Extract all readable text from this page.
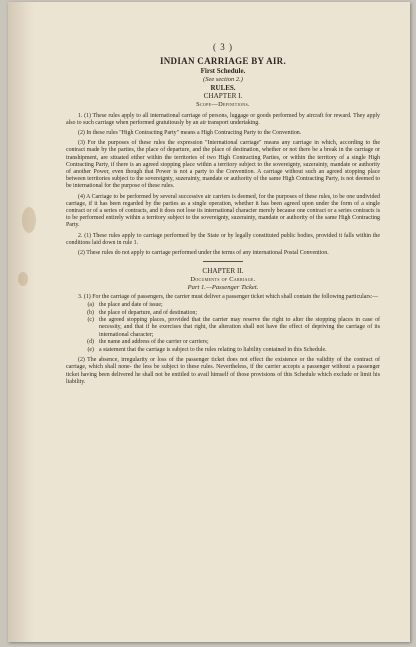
( 3 )
INDIAN CARRIAGE BY AIR.
First Schedule.
(See section 2.)
RULES.
CHAPTER I.
Scope—Definitions.

1. (1) These rules apply to all international carriage of persons, luggage or goods performed by aircraft for reward. They apply also to such carriage when performed gratuitously by an air transport undertaking.

(2) In these rules "High Contracting Party" means a High Contracting Party to the Convention.

(3) For the purposes of these rules the expression "International carriage" means any carriage in which, according to the contract made by the parties, the place of departure, and the place of destination, whether or not there be a break in the carriage or transhipment, are situated either within the territories of two High Contracting Parties, or within the territory of a single High Contracting Party, if there is an agreed stopping place within a territory subject to the sovereignty, suzerainty, mandate or authority of another Power, even though that Power is not a party to the Convention. A carriage without such an agreed stopping place between territories subject to the sovereignty, suzerainty, mandate or authority of the same High Contracting Party, is not deemed to be international for the purpose of these rules.

(4) A Carriage to be performed by several successive air carriers is deemed, for the purposes of these rules, to be one undivided carriage, if it has been regarded by the parties as a single operation, whether it has been agreed upon under the form of a single contract or of a series of contracts, and it does not lose its international character merely because one contract or a series contracts is to be performed entirely within a territory subject to the sovereignty, suzerainty, mandate or authority of the same High Contracting Party.

2. (1) These rules apply to carriage performed by the State or by legally constituted public bodies, provided it falls within the conditions laid down in rule 1.

(2) These rules do not apply to carriage performed under the terms of any international Postal Convention.

CHAPTER II.
Documents of Carriage.
Part 1.—Passenger Ticket.

3. (1) For the carriage of passengers, the carrier must deliver a passenger ticket which shall contain the following particulars:—

(a) the place and date of issue;
(b) the place of departure, and of destination;
(c) the agreed stopping places, provided that the carrier may reserve the right to alter the stopping places in case of necessity, and that if he exercises that right, the alteration shall not have the effect of depriving the carriage of its international character;
(d) the name and address of the carrier or carriers;
(e) a statement that the carriage is subject to the rules relating to liability contained in this Schedule.

(2) The absence, irregularity or loss of the passenger ticket does not effect the existence or the validity of the contract of carriage, which shall none- the less be subject to these rules. Nevertheless, if the carrier accepts a passenger without a passenger ticket having been delivered he shall not be entitled to avail himself of those provisions of this Schedule which exclude or limit his liability.
